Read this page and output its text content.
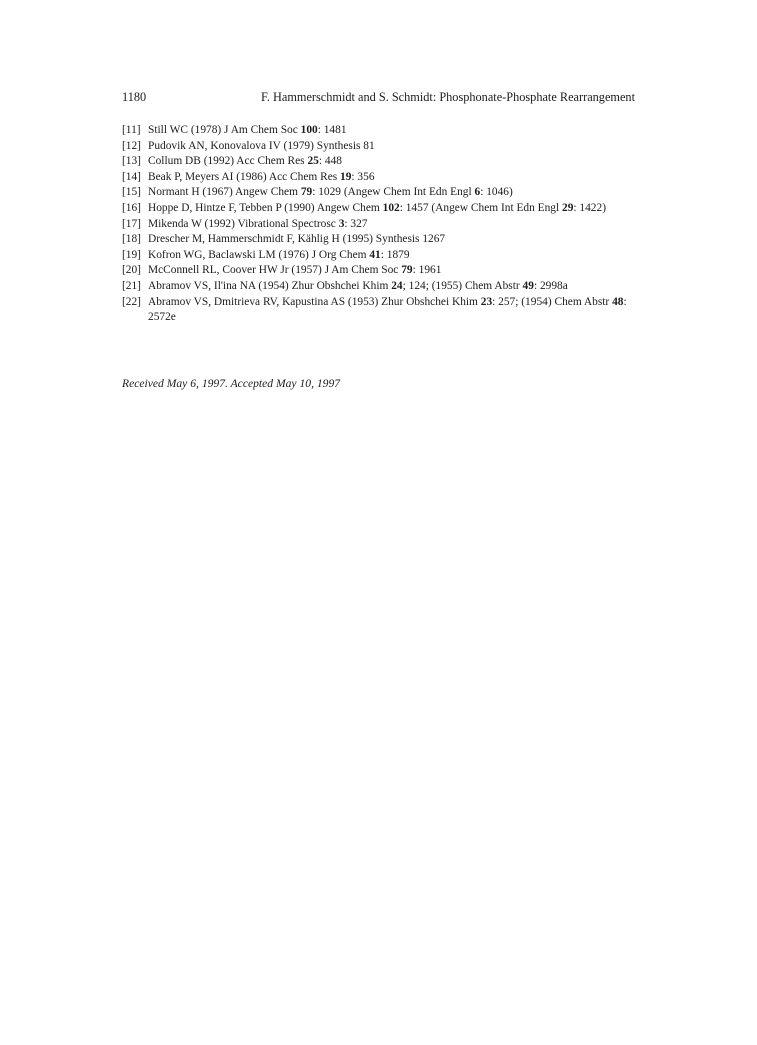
1180	F. Hammerschmidt and S. Schmidt: Phosphonate-Phosphate Rearrangement
[11] Still WC (1978) J Am Chem Soc 100: 1481
[12] Pudovik AN, Konovalova IV (1979) Synthesis 81
[13] Collum DB (1992) Acc Chem Res 25: 448
[14] Beak P, Meyers AI (1986) Acc Chem Res 19: 356
[15] Normant H (1967) Angew Chem 79: 1029 (Angew Chem Int Edn Engl 6: 1046)
[16] Hoppe D, Hintze F, Tebben P (1990) Angew Chem 102: 1457 (Angew Chem Int Edn Engl 29: 1422)
[17] Mikenda W (1992) Vibrational Spectrosc 3: 327
[18] Drescher M, Hammerschmidt F, Kählig H (1995) Synthesis 1267
[19] Kofron WG, Baclawski LM (1976) J Org Chem 41: 1879
[20] McConnell RL, Coover HW Jr (1957) J Am Chem Soc 79: 1961
[21] Abramov VS, Il'ina NA (1954) Zhur Obshchei Khim 24; 124; (1955) Chem Abstr 49: 2998a
[22] Abramov VS, Dmitrieva RV, Kapustina AS (1953) Zhur Obshchei Khim 23: 257; (1954) Chem Abstr 48: 2572e
Received May 6, 1997. Accepted May 10, 1997
